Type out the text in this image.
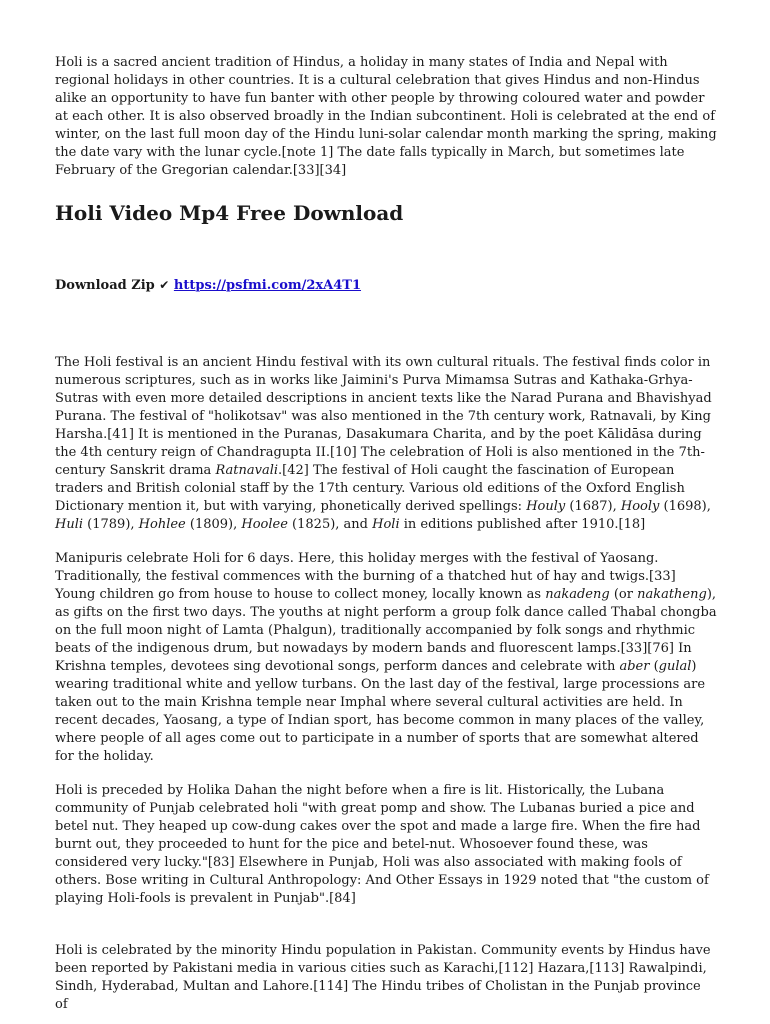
Holi is a sacred ancient tradition of Hindus, a holiday in many states of India and Nepal with regional holidays in other countries. It is a cultural celebration that gives Hindus and non-Hindus alike an opportunity to have fun banter with other people by throwing coloured water and powder at each other. It is also observed broadly in the Indian subcontinent. Holi is celebrated at the end of winter, on the last full moon day of the Hindu luni-solar calendar month marking the spring, making the date vary with the lunar cycle.[note 1] The date falls typically in March, but sometimes late February of the Gregorian calendar.[33][34]

Holi Video Mp4 Free Download
Download Zip ✔ https://psfmi.com/2xA4T1

The Holi festival is an ancient Hindu festival with its own cultural rituals. The festival finds color in numerous scriptures, such as in works like Jaimini's Purva Mimamsa Sutras and Kathaka-Grhya-Sutras with even more detailed descriptions in ancient texts like the Narad Purana and Bhavishyad Purana. The festival of "holikotsav" was also mentioned in the 7th century work, Ratnavali, by King Harsha.[41] It is mentioned in the Puranas, Dasakumara Charita, and by the poet Kālidāsa during the 4th century reign of Chandragupta II.[10] The celebration of Holi is also mentioned in the 7th-century Sanskrit drama Ratnavali.[42] The festival of Holi caught the fascination of European traders and British colonial staff by the 17th century. Various old editions of the Oxford English Dictionary mention it, but with varying, phonetically derived spellings: Houly (1687), Hooly (1698), Huli (1789), Hohlee (1809), Hoolee (1825), and Holi in editions published after 1910.[18]

Manipuris celebrate Holi for 6 days. Here, this holiday merges with the festival of Yaosang. Traditionally, the festival commences with the burning of a thatched hut of hay and twigs.[33] Young children go from house to house to collect money, locally known as nakadeng (or nakatheng), as gifts on the first two days. The youths at night perform a group folk dance called Thabal chongba on the full moon night of Lamta (Phalgun), traditionally accompanied by folk songs and rhythmic beats of the indigenous drum, but nowadays by modern bands and fluorescent lamps.[33][76] In Krishna temples, devotees sing devotional songs, perform dances and celebrate with aber (gulal) wearing traditional white and yellow turbans. On the last day of the festival, large processions are taken out to the main Krishna temple near Imphal where several cultural activities are held. In recent decades, Yaosang, a type of Indian sport, has become common in many places of the valley, where people of all ages come out to participate in a number of sports that are somewhat altered for the holiday.

Holi is preceded by Holika Dahan the night before when a fire is lit. Historically, the Lubana community of Punjab celebrated holi "with great pomp and show. The Lubanas buried a pice and betel nut. They heaped up cow-dung cakes over the spot and made a large fire. When the fire had burnt out, they proceeded to hunt for the pice and betel-nut. Whosoever found these, was considered very lucky."[83] Elsewhere in Punjab, Holi was also associated with making fools of others. Bose writing in Cultural Anthropology: And Other Essays in 1929 noted that "the custom of playing Holi-fools is prevalent in Punjab".[84]

Holi is celebrated by the minority Hindu population in Pakistan. Community events by Hindus have been reported by Pakistani media in various cities such as Karachi,[112] Hazara,[113] Rawalpindi, Sindh, Hyderabad, Multan and Lahore.[114] The Hindu tribes of Cholistan in the Punjab province of
